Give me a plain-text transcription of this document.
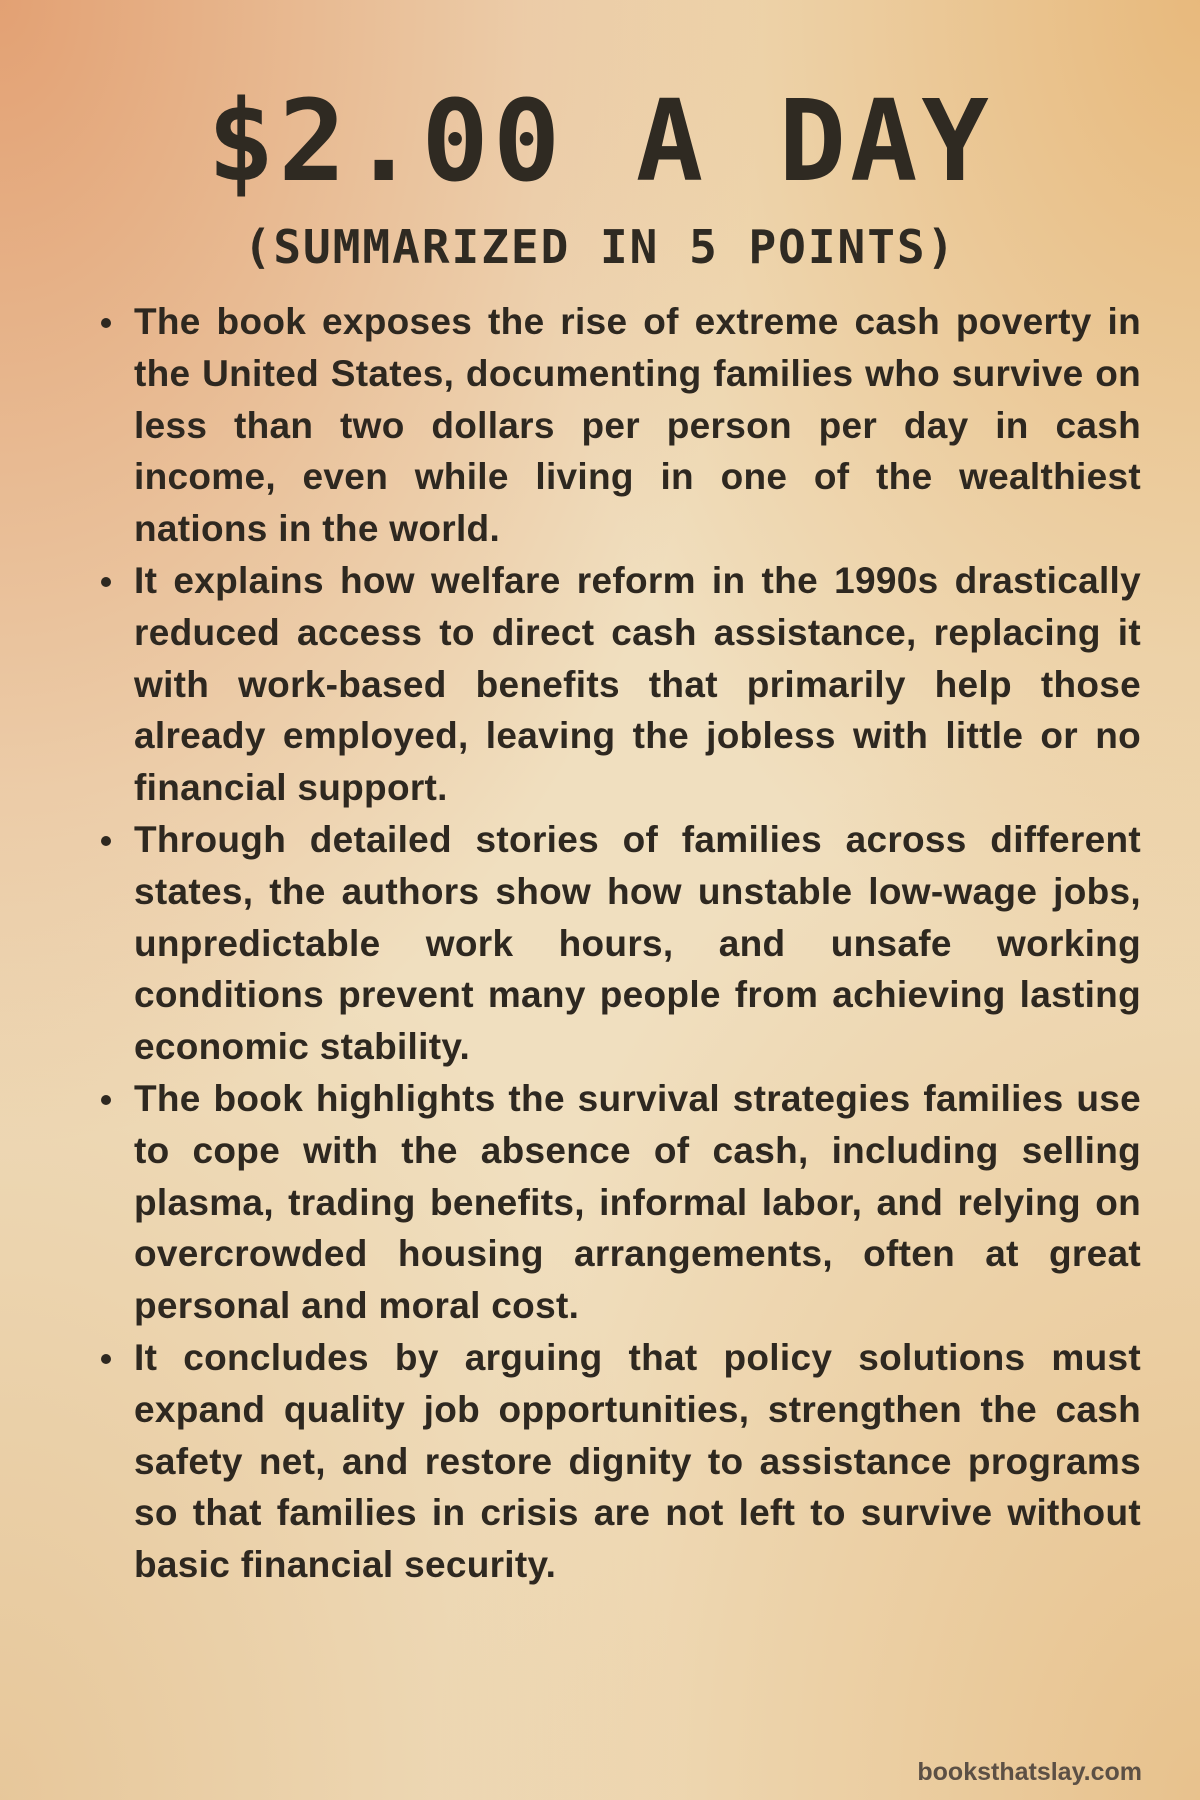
$2.00 A DAY
(SUMMARIZED IN 5 POINTS)
The book exposes the rise of extreme cash poverty in the United States, documenting families who survive on less than two dollars per person per day in cash income, even while living in one of the wealthiest nations in the world.
It explains how welfare reform in the 1990s drastically reduced access to direct cash assistance, replacing it with work-based benefits that primarily help those already employed, leaving the jobless with little or no financial support.
Through detailed stories of families across different states, the authors show how unstable low-wage jobs, unpredictable work hours, and unsafe working conditions prevent many people from achieving lasting economic stability.
The book highlights the survival strategies families use to cope with the absence of cash, including selling plasma, trading benefits, informal labor, and relying on overcrowded housing arrangements, often at great personal and moral cost.
It concludes by arguing that policy solutions must expand quality job opportunities, strengthen the cash safety net, and restore dignity to assistance programs so that families in crisis are not left to survive without basic financial security.
booksthatslay.com
